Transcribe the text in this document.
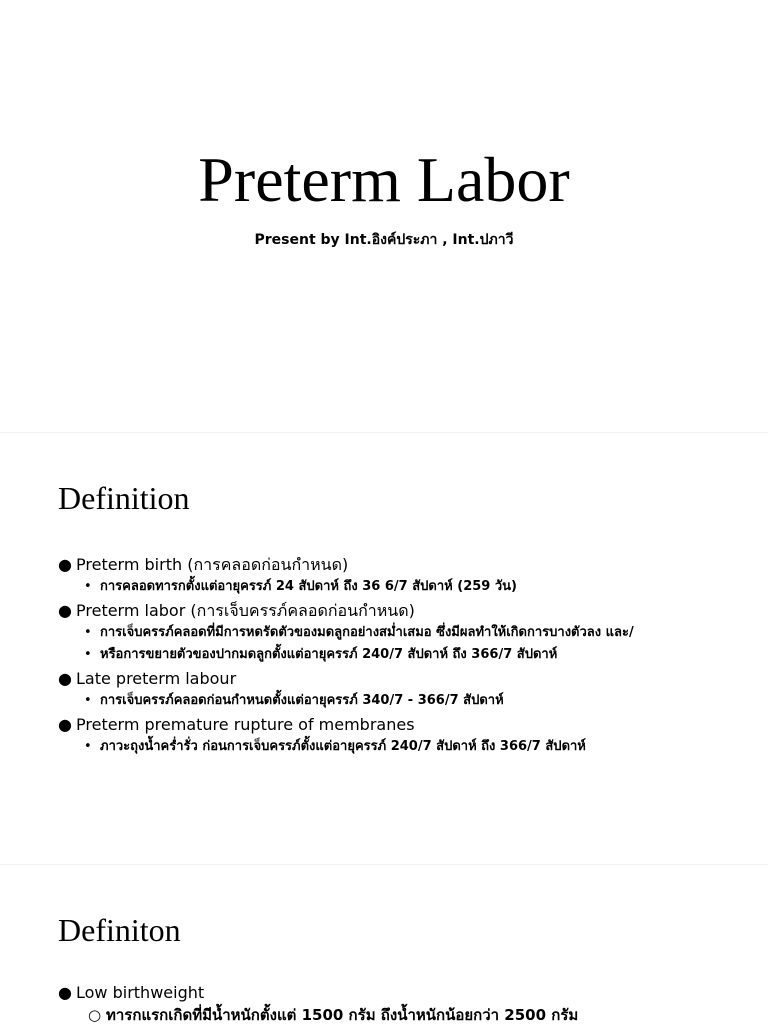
Preterm Labor

Present by Int.อิงค์ประภา , Int.ปภาวี

Definition
● Preterm birth (การคลอดก่อนกำหนด)
• การคลอดทารกตั้งแต่อายุครรภ์ 24 สัปดาห์ ถึง 36 6/7 สัปดาห์ (259 วัน)
● Preterm labor (การเจ็บครรภ์คลอดก่อนกำหนด)
• การเจ็บครรภ์คลอดที่มีการหดรัดตัวของมดลูกอย่างสม่ำเสมอ ซึ่งมีผลทำให้เกิดการบางตัวลง และ/
• หรือการขยายตัวของปากมดลูกตั้งแต่อายุครรภ์ 240/7 สัปดาห์ ถึง 366/7 สัปดาห์
● Late preterm labour
• การเจ็บครรภ์คลอดก่อนกำหนดตั้งแต่อายุครรภ์ 340/7 - 366/7 สัปดาห์
● Preterm premature rupture of membranes
• ภาวะถุงน้ำคร่ำรั่ว ก่อนการเจ็บครรภ์ตั้งแต่อายุครรภ์ 240/7 สัปดาห์ ถึง 366/7 สัปดาห์
Definiton
● Low birthweight
○ ทารกแรกเกิดที่มีน้ำหนักตั้งแต่ 1500 กรัม ถึงน้ำหนักน้อยกว่า 2500 กรัม
